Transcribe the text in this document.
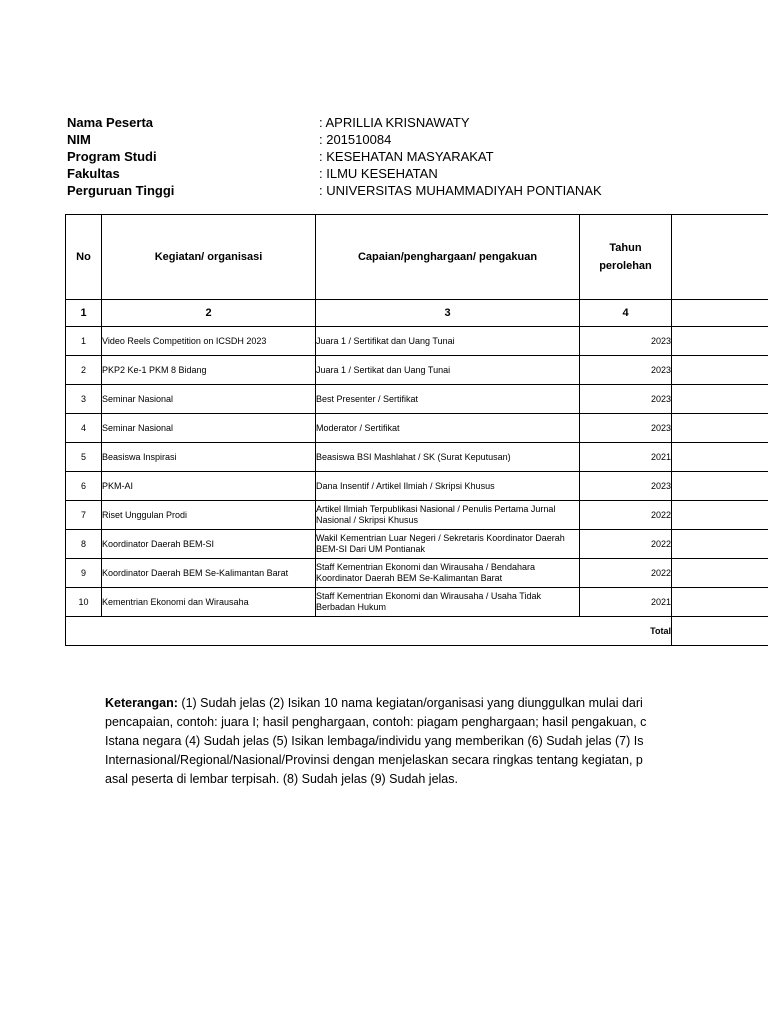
Nama Peserta	: APRILLIA KRISNAWATY
NIM	: 201510084
Program Studi	: KESEHATAN MASYARAKAT
Fakultas	: ILMU KESEHATAN
Perguruan Tinggi	: UNIVERSITAS MUHAMMADIYAH PONTIANAK
No	Kegiatan/ organisasi	Capaian/penghargaan/ pengakuan	Tahun
perolehan	
1	2	3	4	
1	Video Reels Competition on ICSDH 2023	Juara 1 / Sertifikat dan Uang Tunai	2023	
2	PKP2 Ke-1 PKM 8 Bidang	Juara 1 / Sertikat dan Uang Tunai	2023	
3	Seminar Nasional	Best Presenter / Sertifikat	2023	
4	Seminar Nasional	Moderator / Sertifikat	2023	
5	Beasiswa Inspirasi	Beasiswa BSI Mashlahat / SK (Surat Keputusan)	2021	
6	PKM-AI	Dana Insentif / Artikel Ilmiah / Skripsi Khusus	2023	
7	Riset Unggulan Prodi	Artikel Ilmiah Terpublikasi Nasional / Penulis Pertama Jurnal Nasional / Skripsi Khusus	2022	
8	Koordinator Daerah BEM-SI	Wakil Kementrian Luar Negeri / Sekretaris Koordinator Daerah BEM-SI Dari UM Pontianak	2022	
9	Koordinator Daerah BEM Se-Kalimantan Barat	Staff Kementrian Ekonomi dan Wirausaha / Bendahara Koordinator Daerah BEM Se-Kalimantan Barat	2022	
10	Kementrian Ekonomi dan Wirausaha	Staff Kementrian Ekonomi dan Wirausaha / Usaha Tidak Berbadan Hukum	2021	
Total				
Keterangan: (1) Sudah jelas (2) Isikan 10 nama kegiatan/organisasi yang diunggulkan mulai dari
pencapaian, contoh: juara I; hasil penghargaan, contoh: piagam penghargaan; hasil pengakuan, c
Istana negara (4) Sudah jelas (5) Isikan lembaga/individu yang memberikan (6) Sudah jelas (7) Is
Internasional/Regional/Nasional/Provinsi dengan menjelaskan secara ringkas tentang kegiatan, p
asal peserta di lembar terpisah. (8) Sudah jelas (9) Sudah jelas.
